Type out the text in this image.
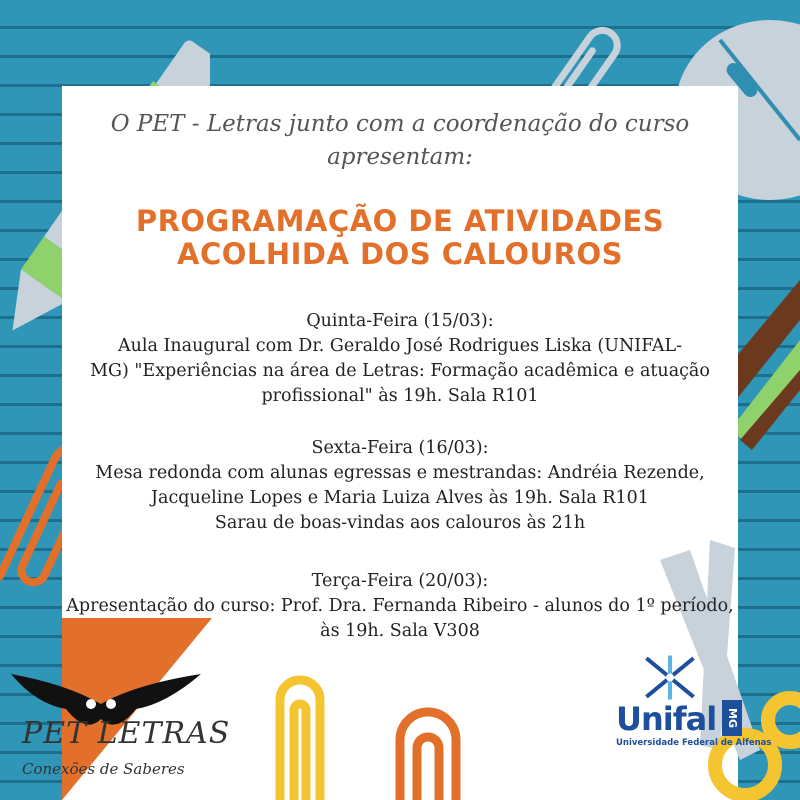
O PET - Letras junto com a coordenação do curso
apresentam:
PROGRAMAÇÃO DE ATIVIDADES
ACOLHIDA DOS CALOUROS
Quinta-Feira (15/03):
Aula Inaugural com Dr. Geraldo José Rodrigues Liska (UNIFAL-
MG) "Experiências na área de Letras: Formação acadêmica e atuação
profissional" às 19h. Sala R101
Sexta-Feira (16/03):
Mesa redonda com alunas egressas e mestrandas: Andréia Rezende,
Jacqueline Lopes e Maria Luiza Alves às 19h. Sala R101
Sarau de boas-vindas aos calouros às 21h
Terça-Feira (20/03):
Apresentação do curso: Prof. Dra. Fernanda Ribeiro - alunos do 1º período,
às 19h. Sala V308
PET LETRAS
Conexões de Saberes
Unifal MG
Universidade Federal de Alfenas
